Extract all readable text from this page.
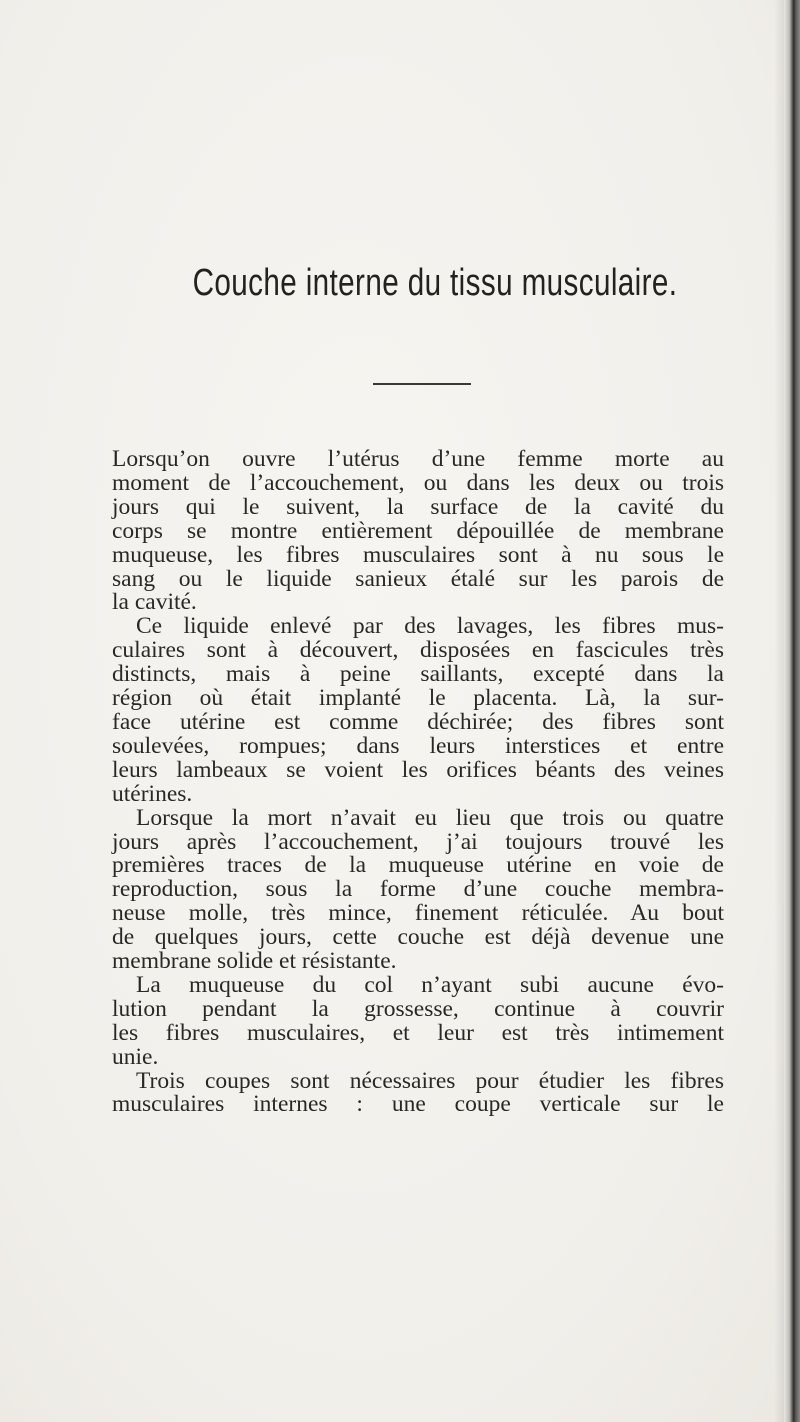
Couche interne du tissu musculaire.
Lorsqu’on ouvre l’utérus d’une femme morte au
moment de l’accouchement, ou dans les deux ou trois
jours qui le suivent, la surface de la cavité du
corps se montre entièrement dépouillée de membrane
muqueuse, les fibres musculaires sont à nu sous le
sang ou le liquide sanieux étalé sur les parois de
la cavité.
Ce liquide enlevé par des lavages, les fibres mus-
culaires sont à découvert, disposées en fascicules très
distincts, mais à peine saillants, excepté dans la
région où était implanté le placenta. Là, la sur-
face utérine est comme déchirée; des fibres sont
soulevées, rompues; dans leurs interstices et entre
leurs lambeaux se voient les orifices béants des veines
utérines.
Lorsque la mort n’avait eu lieu que trois ou quatre
jours après l’accouchement, j’ai toujours trouvé les
premières traces de la muqueuse utérine en voie de
reproduction, sous la forme d’une couche membra-
neuse molle, très mince, finement réticulée. Au bout
de quelques jours, cette couche est déjà devenue une
membrane solide et résistante.
La muqueuse du col n’ayant subi aucune évo-
lution pendant la grossesse, continue à couvrir
les fibres musculaires, et leur est très intimement
unie.
Trois coupes sont nécessaires pour étudier les fibres
musculaires internes : une coupe verticale sur le
